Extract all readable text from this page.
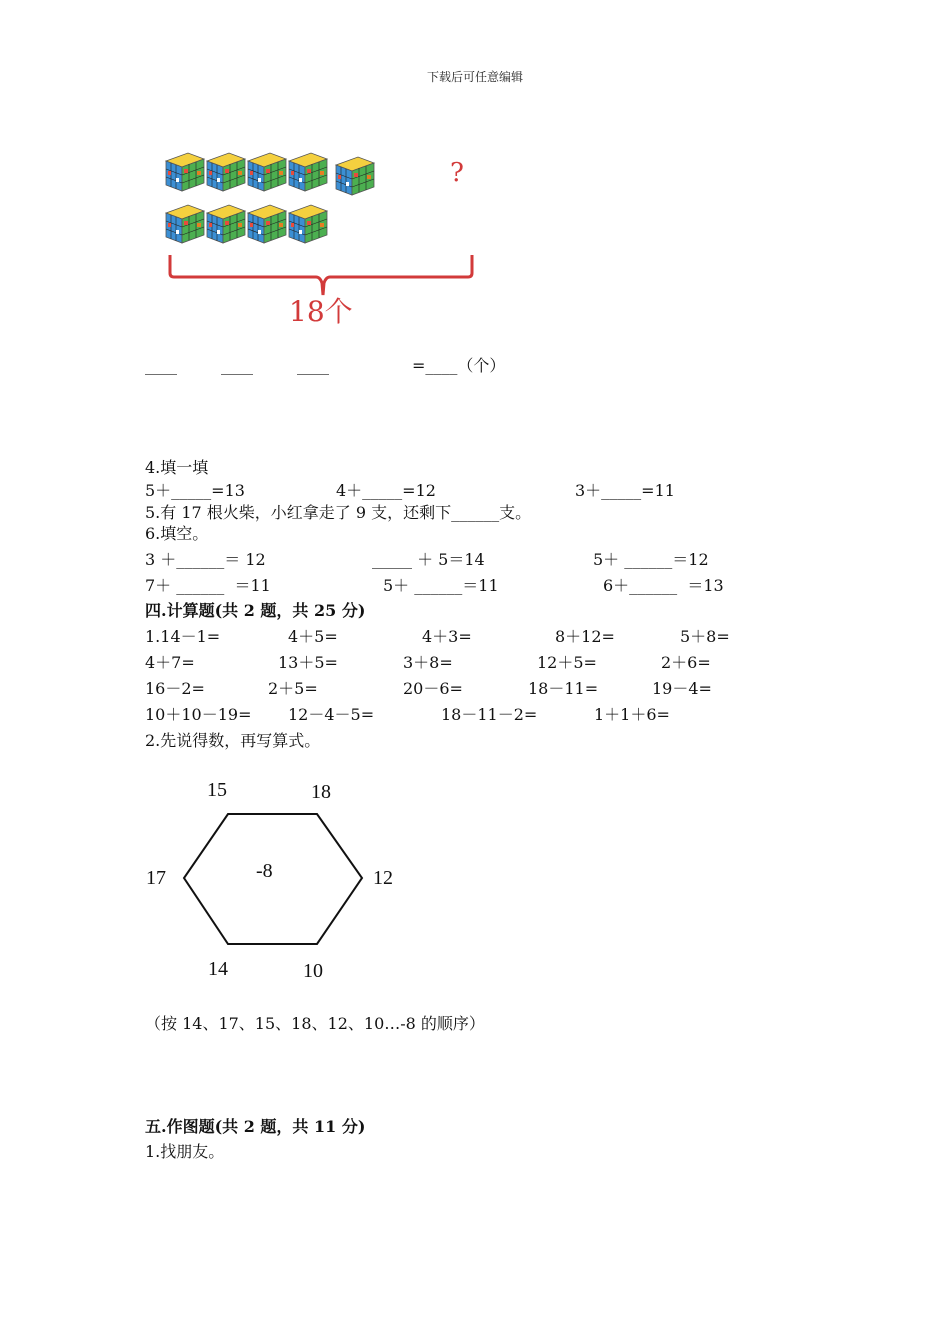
下载后可任意编辑

?
18个
____	____	____	=____（个）
4.填一填
5＋_____=13	4＋_____=12	3＋_____=11
5.有 17 根火柴，小红拿走了 9 支，还剩下______支。
6.填空。
3 ＋______＝ 12	_____ ＋ 5＝14	5＋ ______＝12
7＋ ______  ＝11	5＋ ______＝11	6＋______  ＝13
四.计算题(共 2 题，共 25 分)
1.14－1=	4＋5=	4＋3=	8＋12=	5＋8=
4＋7=	13＋5=	3＋8=	12＋5=	2＋6=
16－2=	2＋5=	20－6=	18－11=	19－4=
10＋10－19= 12－4－5=	18－11－2=	1＋1＋6=
2.先说得数，再写算式。
15	18
17	12
-8
14	10
（按 14、17、15、18、12、10…-8 的顺序）
五.作图题(共 2 题，共 11 分)
1.找朋友。
